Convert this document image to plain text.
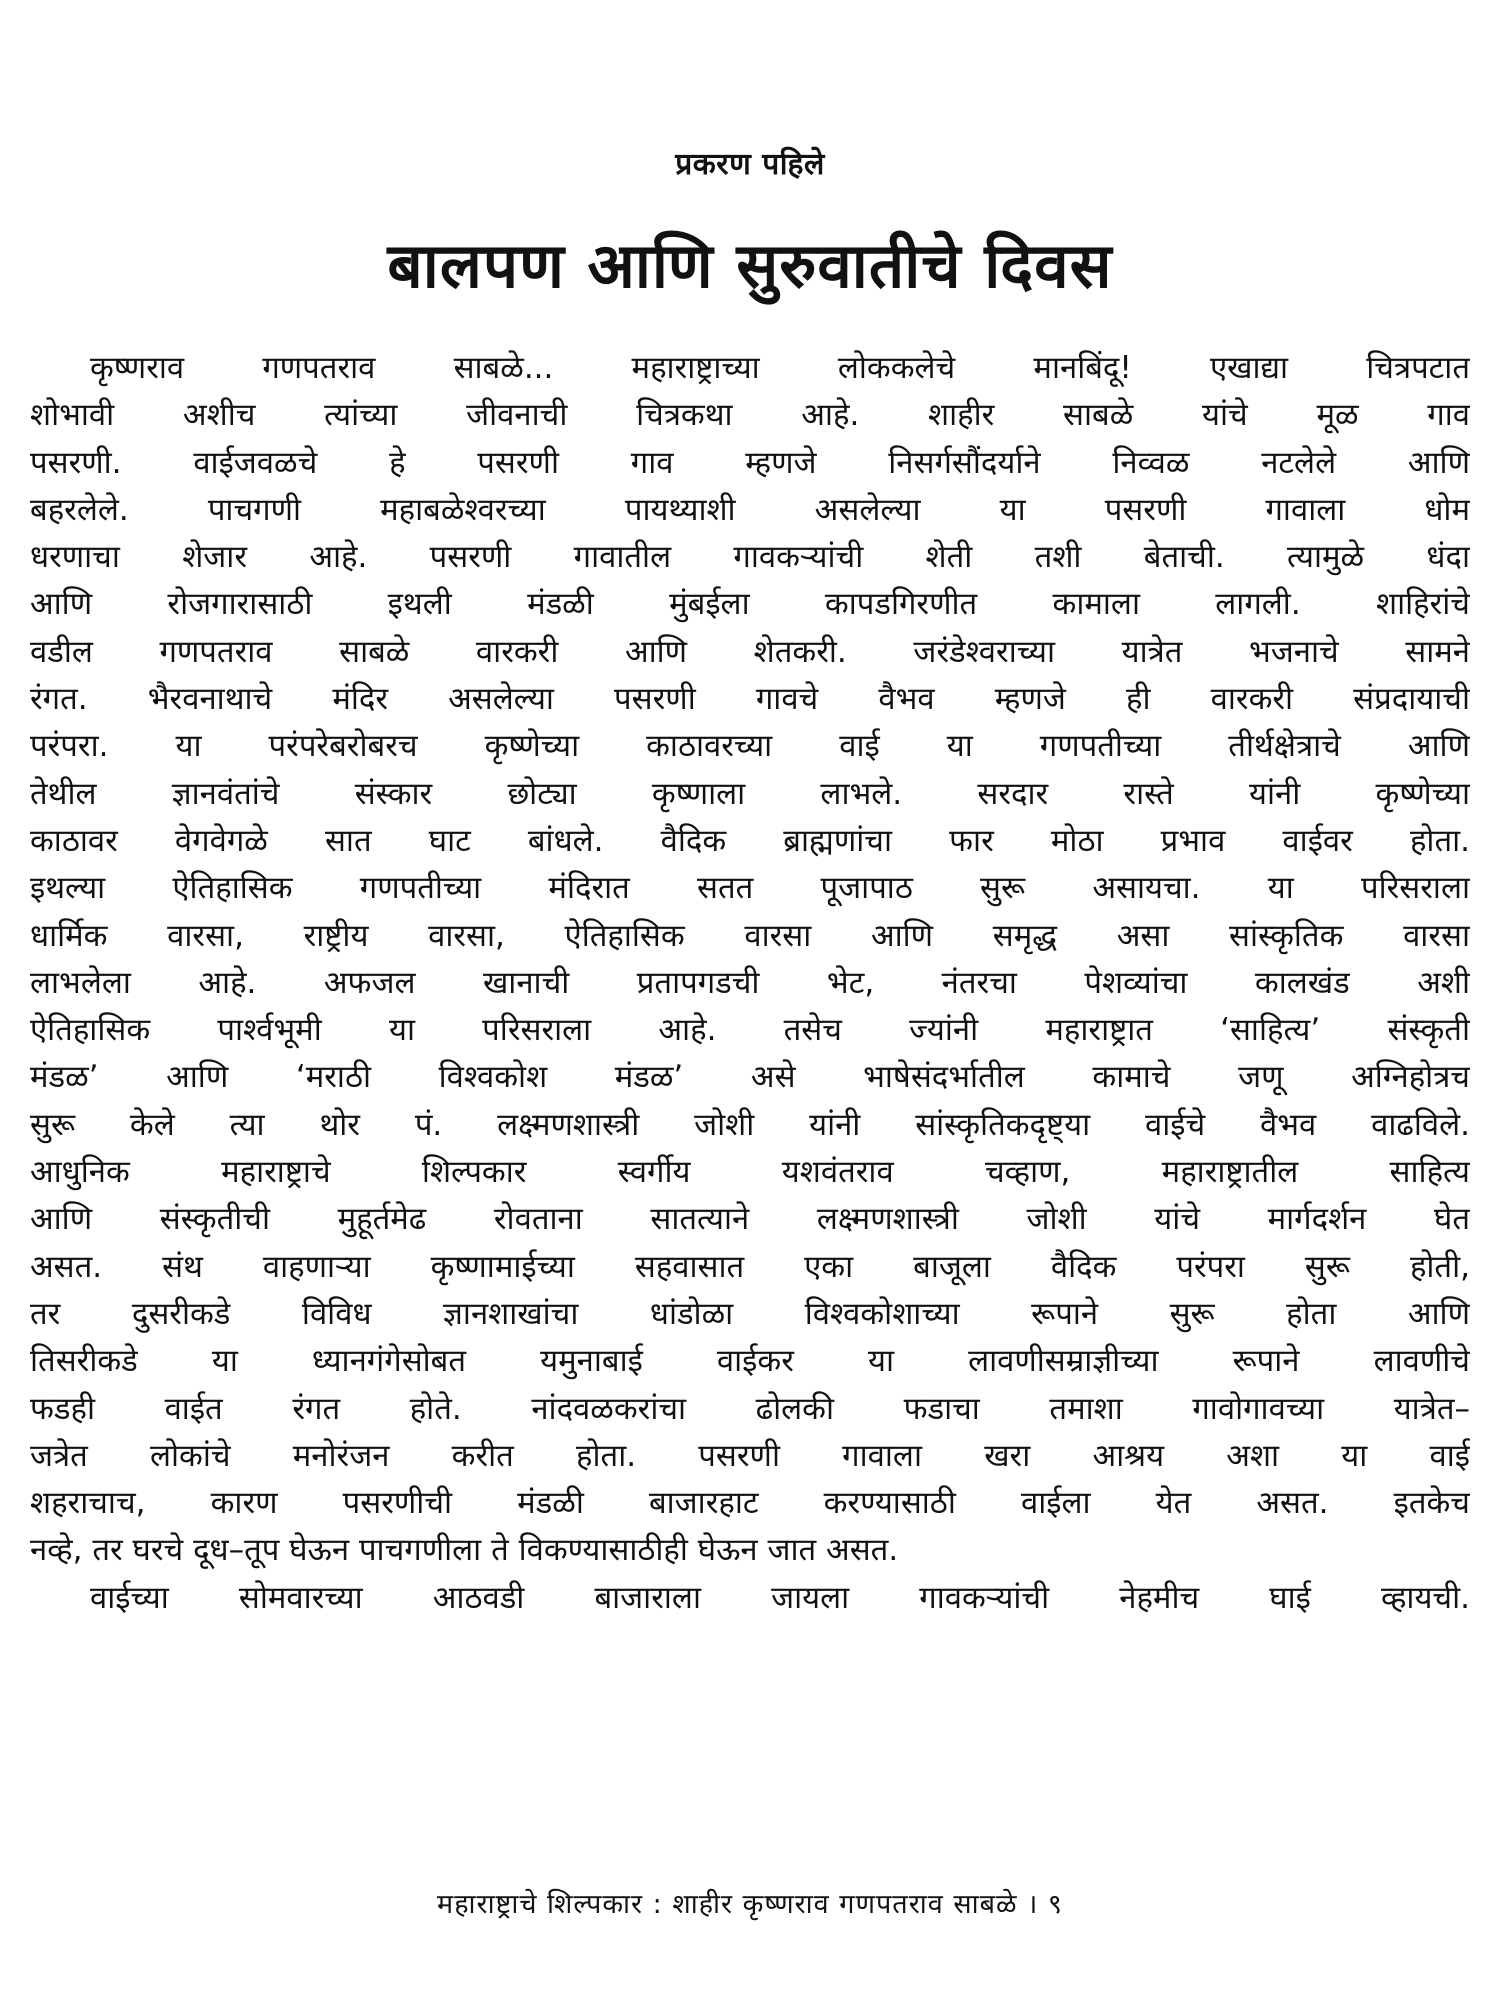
प्रकरण पहिले
बालपण आणि सुरुवातीचे दिवस
कृष्णराव गणपतराव साबळे... महाराष्ट्राच्या लोककलेचे मानबिंदू! एखाद्या चित्रपटात
शोभावी अशीच त्यांच्या जीवनाची चित्रकथा आहे. शाहीर साबळे यांचे मूळ गाव
पसरणी. वाईजवळचे हे पसरणी गाव म्हणजे निसर्गसौंदर्याने निव्वळ नटलेले आणि
बहरलेले. पाचगणी महाबळेश्वरच्या पायथ्याशी असलेल्या या पसरणी गावाला धोम
धरणाचा शेजार आहे. पसरणी गावातील गावकऱ्यांची शेती तशी बेताची. त्यामुळे धंदा
आणि रोजगारासाठी इथली मंडळी मुंबईला कापडगिरणीत कामाला लागली. शाहिरांचे
वडील गणपतराव साबळे वारकरी आणि शेतकरी. जरंडेश्वराच्या यात्रेत भजनाचे सामने
रंगत. भैरवनाथाचे मंदिर असलेल्या पसरणी गावचे वैभव म्हणजे ही वारकरी संप्रदायाची
परंपरा. या परंपरेबरोबरच कृष्णेच्या काठावरच्या वाई या गणपतीच्या तीर्थक्षेत्राचे आणि
तेथील ज्ञानवंतांचे संस्कार छोट्या कृष्णाला लाभले. सरदार रास्ते यांनी कृष्णेच्या
काठावर वेगवेगळे सात घाट बांधले. वैदिक ब्राह्मणांचा फार मोठा प्रभाव वाईवर होता.
इथल्या ऐतिहासिक गणपतीच्या मंदिरात सतत पूजापाठ सुरू असायचा. या परिसराला
धार्मिक वारसा, राष्ट्रीय वारसा, ऐतिहासिक वारसा आणि समृद्ध असा सांस्कृतिक वारसा
लाभलेला आहे. अफजल खानाची प्रतापगडची भेट, नंतरचा पेशव्यांचा कालखंड अशी
ऐतिहासिक पार्श्वभूमी या परिसराला आहे. तसेच ज्यांनी महाराष्ट्रात ‘साहित्य’ संस्कृती
मंडळ’ आणि ‘मराठी विश्वकोश मंडळ’ असे भाषेसंदर्भातील कामाचे जणू अग्निहोत्रच
सुरू केले त्या थोर पं. लक्ष्मणशास्त्री जोशी यांनी सांस्कृतिकदृष्ट्या वाईचे वैभव वाढविले.
आधुनिक महाराष्ट्राचे शिल्पकार स्वर्गीय यशवंतराव चव्हाण, महाराष्ट्रातील साहित्य
आणि संस्कृतीची मुहूर्तमेढ रोवताना सातत्याने लक्ष्मणशास्त्री जोशी यांचे मार्गदर्शन घेत
असत. संथ वाहणाऱ्या कृष्णामाईच्या सहवासात एका बाजूला वैदिक परंपरा सुरू होती,
तर दुसरीकडे विविध ज्ञानशाखांचा धांडोळा विश्वकोशाच्या रूपाने सुरू होता आणि
तिसरीकडे या ध्यानगंगेसोबत यमुनाबाई वाईकर या लावणीसम्राज्ञीच्या रूपाने लावणीचे
फडही वाईत रंगत होते. नांदवळकरांचा ढोलकी फडाचा तमाशा गावोगावच्या यात्रेत–
जत्रेत लोकांचे मनोरंजन करीत होता. पसरणी गावाला खरा आश्रय अशा या वाई
शहराचाच, कारण पसरणीची मंडळी बाजारहाट करण्यासाठी वाईला येत असत. इतकेच
नव्हे, तर घरचे दूध–तूप घेऊन पाचगणीला ते विकण्यासाठीही घेऊन जात असत.
वाईच्या सोमवारच्या आठवडी बाजाराला जायला गावकऱ्यांची नेहमीच घाई व्हायची.
महाराष्ट्राचे शिल्पकार : शाहीर कृष्णराव गणपतराव साबळे । ९
